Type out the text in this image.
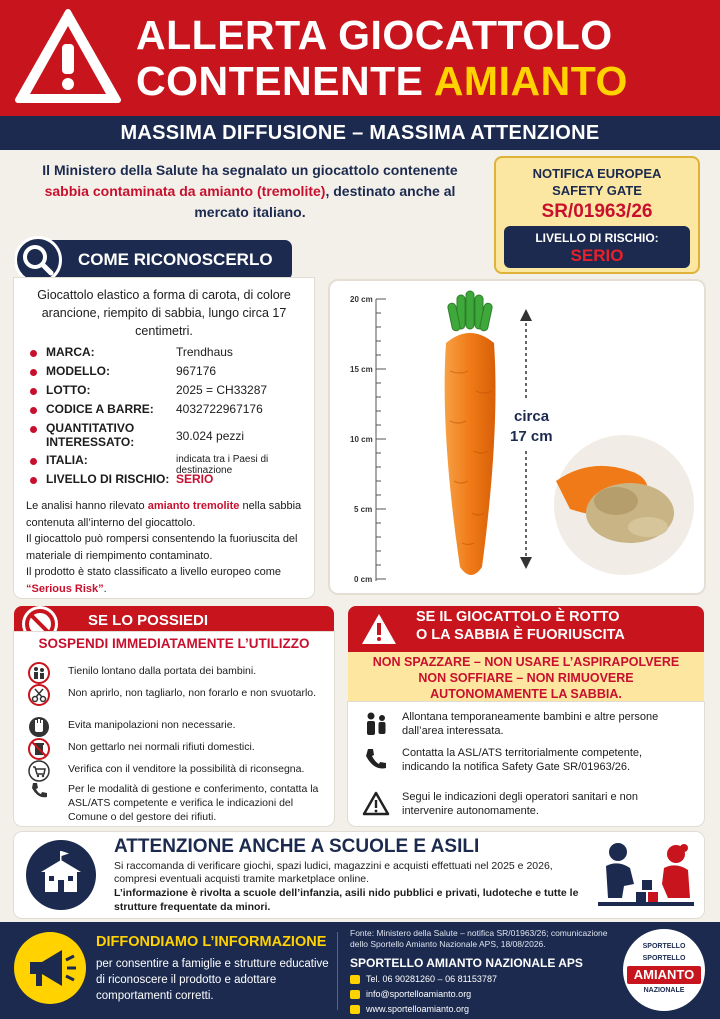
ALLERTA GIOCATTOLO
CONTENENTE AMIANTO
MASSIMA DIFFUSIONE – MASSIMA ATTENZIONE
Il Ministero della Salute ha segnalato un giocattolo contenente sabbia contaminata da amianto (tremolite), destinato anche al mercato italiano.
NOTIFICA EUROPEA
SAFETY GATE
SR/01963/26
LIVELLO DI RISCHIO:
SERIO
COME RICONOSCERLO
Giocattolo elastico a forma di carota, di colore arancione, riempito di sabbia, lungo circa 17 centimetri.
MARCA:	Trendhaus
MODELLO:	967176
LOTTO:	2025 = CH33287
CODICE A BARRE: 4032722967176
QUANTITATIVO
INTERESSATO:	30.024 pezzi
ITALIA:	indicata tra i Paesi di destinazione
LIVELLO DI RISCHIO: SERIO
Le analisi hanno rilevato amianto tremolite nella sabbia contenuta all’interno del giocattolo.
Il giocattolo può rompersi consentendo la fuoriuscita del materiale di riempimento contaminato.
Il prodotto è stato classificato a livello europeo come “Serious Risk”.
20 cm
15 cm
10 cm
5 cm
0 cm
circa
17 cm
SE LO POSSIEDI
SOSPENDI IMMEDIATAMENTE L’UTILIZZO
Tienilo lontano dalla portata dei bambini.
Non aprirlo, non tagliarlo, non forarlo e non svuotarlo.
Evita manipolazioni non necessarie.
Non gettarlo nei normali rifiuti domestici.
Verifica con il venditore la possibilità di riconsegna.
Per le modalità di gestione e conferimento, contatta la ASL/ATS competente e verifica le indicazioni del Comune o del gestore dei rifiuti.
SE IL GIOCATTOLO È ROTTO
O LA SABBIA È FUORIUSCITA
NON SPAZZARE – NON USARE L’ASPIRAPOLVERE
NON SOFFIARE – NON RIMUOVERE
AUTONOMAMENTE LA SABBIA.
Allontana temporaneamente bambini e altre persone dall’area interessata.
Contatta la ASL/ATS territorialmente competente, indicando la notifica Safety Gate SR/01963/26.
Segui le indicazioni degli operatori sanitari e non intervenire autonomamente.
ATTENZIONE ANCHE A SCUOLE E ASILI
Si raccomanda di verificare giochi, spazi ludici, magazzini e acquisti effettuati nel 2025 e 2026, compresi eventuali acquisti tramite marketplace online.
L’informazione è rivolta a scuole dell’infanzia, asili nido pubblici e privati, ludoteche e tutte le strutture frequentate da minori.
DIFFONDIAMO L’INFORMAZIONE
per consentire a famiglie e strutture educative di riconoscere il prodotto e adottare comportamenti corretti.
Fonte: Ministero della Salute – notifica SR/01963/26; comunicazione dello Sportello Amianto Nazionale APS, 18/08/2026.
SPORTELLO AMIANTO NAZIONALE APS
Tel. 06 90281260 – 06 81153787
info@sportelloamianto.org
www.sportelloamianto.org
SPORTELLO
SPORTELLO
AMIANTO
NAZIONALE
